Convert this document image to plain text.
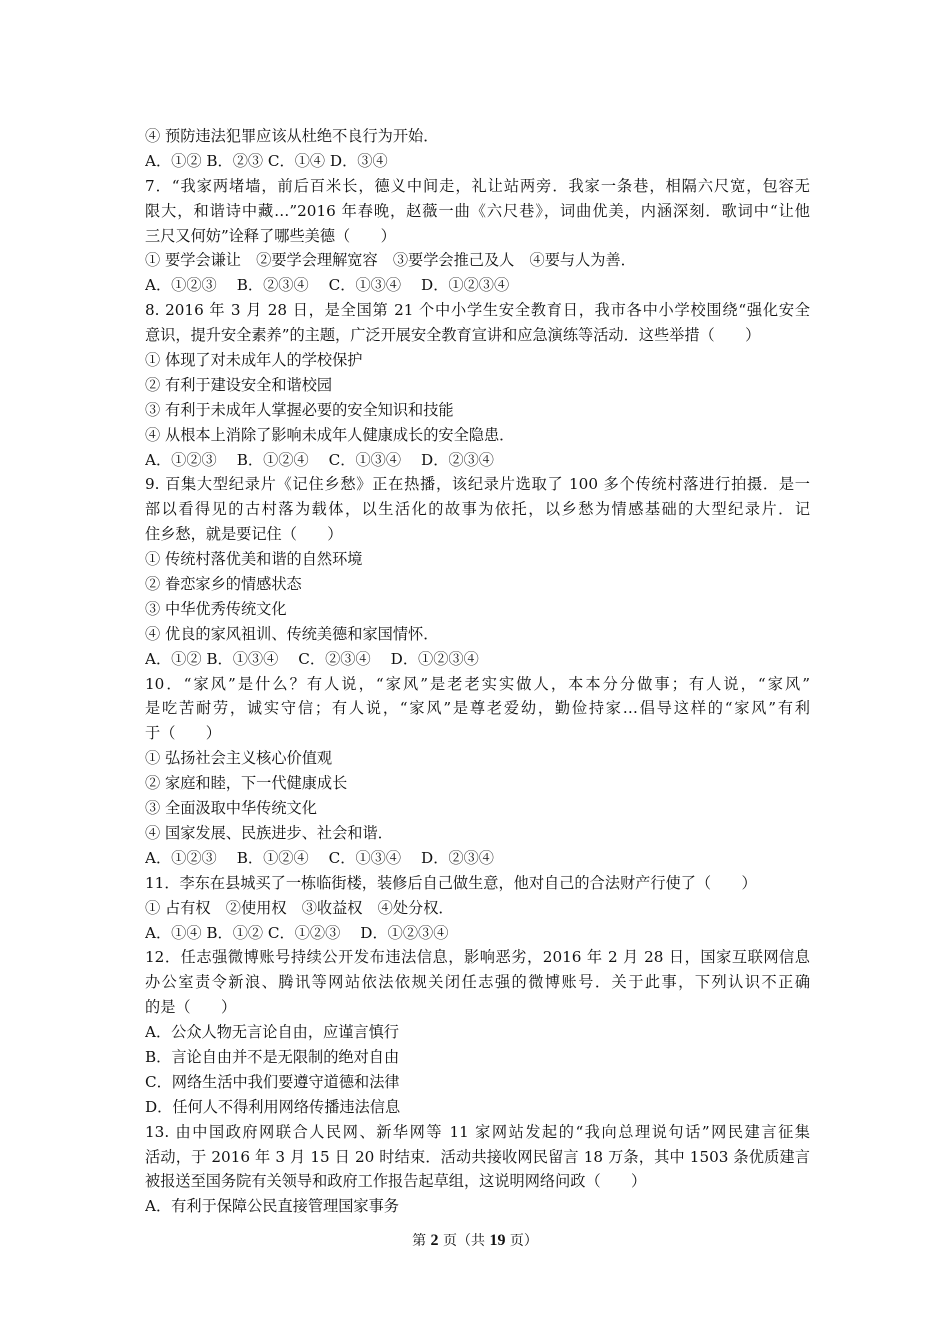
④ 预防违法犯罪应该从杜绝不良行为开始．
A．①② B．②③ C．①④ D．③④
7．“我家两堵墙，前后百米长，德义中间走，礼让站两旁．我家一条巷，相隔六尺宽，包容无
限大，和谐诗中藏…”2016 年春晚，赵薇一曲《六尺巷》，词曲优美，内涵深刻．歌词中“让他
三尺又何妨”诠释了哪些美德（　　）
① 要学会谦让　②要学会理解宽容　③要学会推己及人　④要与人为善．
A．①②③　 B．②③④　 C．①③④　 D．①②③④
8. 2016 年 3 月 28 日，是全国第 21 个中小学生安全教育日，我市各中小学校围绕“强化安全
意识，提升安全素养”的主题，广泛开展安全教育宣讲和应急演练等活动．这些举措（　　）
① 体现了对未成年人的学校保护
② 有利于建设安全和谐校园
③ 有利于未成年人掌握必要的安全知识和技能
④ 从根本上消除了影响未成年人健康成长的安全隐患．
A．①②③　 B．①②④　 C．①③④　 D．②③④
9. 百集大型纪录片《记住乡愁》正在热播，该纪录片选取了 100 多个传统村落进行拍摄．是一
部以看得见的古村落为载体，以生活化的故事为依托，以乡愁为情感基础的大型纪录片．记
住乡愁，就是要记住（　　）
① 传统村落优美和谐的自然环境
② 眷恋家乡的情感状态
③ 中华优秀传统文化
④ 优良的家风祖训、传统美德和家国情怀．
A．①② B．①③④　 C．②③④　 D．①②③④
10．“家风”是什么？有人说，“家风”是老老实实做人，本本分分做事；有人说，“家风”
是吃苦耐劳，诚实守信；有人说，“家风”是尊老爱幼，勤俭持家…倡导这样的“家风”有利
于（　　）
① 弘扬社会主义核心价值观
② 家庭和睦，下一代健康成长
③ 全面汲取中华传统文化
④ 国家发展、民族进步、社会和谐．
A．①②③　 B．①②④　 C．①③④　 D．②③④
11．李东在县城买了一栋临街楼，装修后自己做生意，他对自己的合法财产行使了（　　）
① 占有权　②使用权　③收益权　④处分权．
A．①④ B．①② C．①②③　 D．①②③④
12．任志强微博账号持续公开发布违法信息，影响恶劣，2016 年 2 月 28 日，国家互联网信息
办公室责令新浪、腾讯等网站依法依规关闭任志强的微博账号．关于此事，下列认识不正确
的是（　　）
A．公众人物无言论自由，应谨言慎行
B．言论自由并不是无限制的绝对自由
C．网络生活中我们要遵守道德和法律
D．任何人不得利用网络传播违法信息
13. 由中国政府网联合人民网、新华网等 11 家网站发起的“我向总理说句话”网民建言征集
活动，于 2016 年 3 月 15 日 20 时结束．活动共接收网民留言 18 万条，其中 1503 条优质建言
被报送至国务院有关领导和政府工作报告起草组，这说明网络问政（　　）
A．有利于保障公民直接管理国家事务
第 2 页（共 19 页）
